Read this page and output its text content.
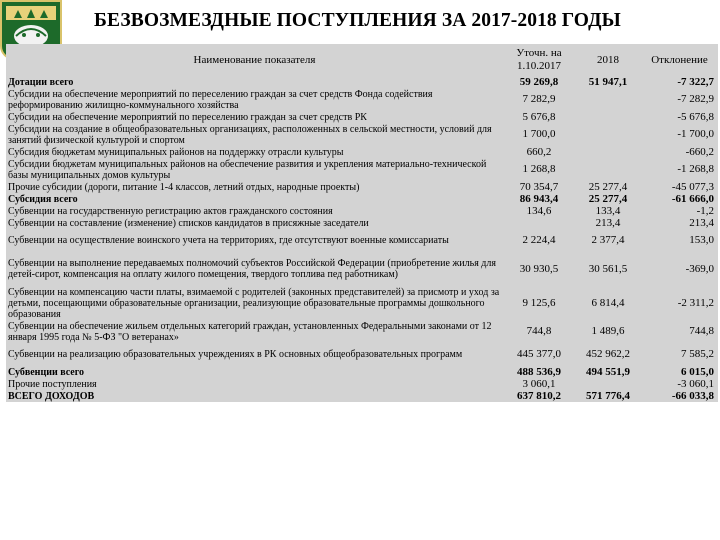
БЕЗВОЗМЕЗДНЫЕ ПОСТУПЛЕНИЯ ЗА 2017-2018 ГОДЫ
Наименование показателя	Уточн. на 1.10.2017	2018	Отклонение
Дотации всего	59 269,8	51 947,1	-7 322,7
Субсидии на обеспечение мероприятий по переселению граждан за счет средств Фонда содействия реформированию жилищно-коммунального хозяйства	7 282,9		-7 282,9
Субсидии на обеспечение мероприятий по переселению граждан за счет средств РК	5 676,8		-5 676,8
Субсидии на создание в общеобразовательных организациях, расположенных в сельской местности, условий для занятий физической культурой и спортом	1 700,0		-1 700,0
Субсидия бюджетам муниципальных районов на поддержку отрасли культуры	660,2		-660,2
Субсидии бюджетам муниципальных районов на обеспечение развития и укрепления материально-технической базы муниципальных домов культуры	1 268,8		-1 268,8
Прочие субсидии (дороги, питание 1-4 классов, летний отдых, народные проекты)	70 354,7	25 277,4	-45 077,3
Субсидия всего	86 943,4	25 277,4	-61 666,0
Субвенции на государственную регистрацию актов гражданского состояния	134,6	133,4	-1,2
Субвенции на составление (изменение) списков кандидатов в присяжные заседатели		213,4	213,4
Субвенции на осуществление воинского учета на территориях, где отсутствуют военные комиссариаты	2 224,4	2 377,4	153,0
Субвенции на выполнение передаваемых полномочий субъектов Российской Федерации (приобретение жилья для детей-сирот, компенсация на оплату жилого помещения, твердого топлива пед работникам)	30 930,5	30 561,5	-369,0
Субвенции на компенсацию части платы, взимаемой с родителей (законных представителей) за присмотр и уход за детьми, посещающими образовательные организации, реализующие образовательные программы дошкольного образования	9 125,6	6 814,4	-2 311,2
Субвенции на обеспечение жильем отдельных категорий граждан, установленных Федеральными законами от 12 января 1995 года № 5-ФЗ "О ветеранах»	744,8	1 489,6	744,8
Субвенции на реализацию образовательных учреждениях в РК основных общеобразовательных программ	445 377,0	452 962,2	7 585,2
Субвенции всего	488 536,9	494 551,9	6 015,0
Прочие поступления	3 060,1		-3 060,1
ВСЕГО ДОХОДОВ	637 810,2	571 776,4	-66 033,8
